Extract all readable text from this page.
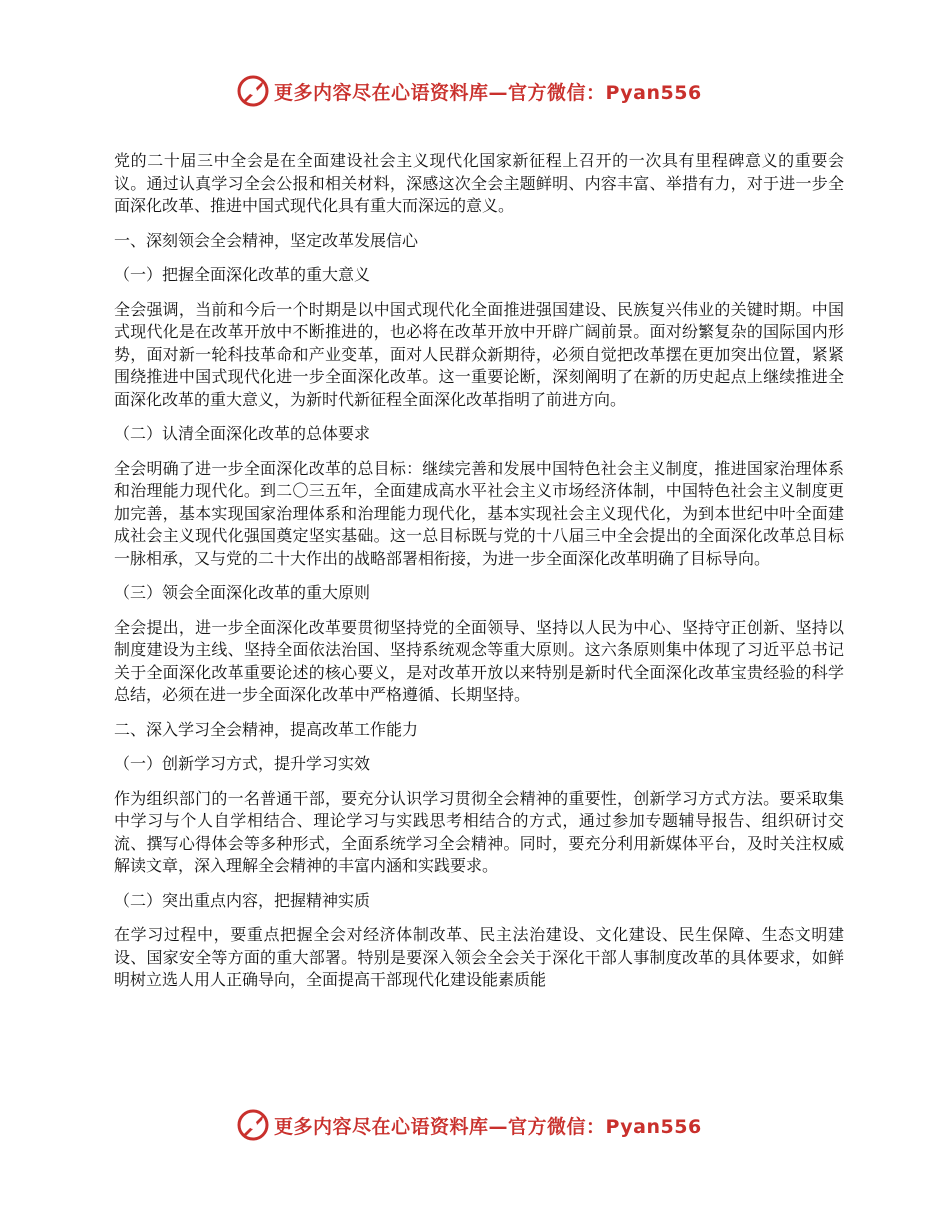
更多内容尽在心语资料库—官方微信：Pyan556

党的二十届三中全会是在全面建设社会主义现代化国家新征程上召开的一次具有里程碑意义的重要会议。通过认真学习全会公报和相关材料，深感这次全会主题鲜明、内容丰富、举措有力，对于进一步全面深化改革、推进中国式现代化具有重大而深远的意义。

一、深刻领会全会精神，坚定改革发展信心

（一）把握全面深化改革的重大意义

全会强调，当前和今后一个时期是以中国式现代化全面推进强国建设、民族复兴伟业的关键时期。中国式现代化是在改革开放中不断推进的，也必将在改革开放中开辟广阔前景。面对纷繁复杂的国际国内形势，面对新一轮科技革命和产业变革，面对人民群众新期待，必须自觉把改革摆在更加突出位置，紧紧围绕推进中国式现代化进一步全面深化改革。这一重要论断，深刻阐明了在新的历史起点上继续推进全面深化改革的重大意义，为新时代新征程全面深化改革指明了前进方向。

（二）认清全面深化改革的总体要求

全会明确了进一步全面深化改革的总目标：继续完善和发展中国特色社会主义制度，推进国家治理体系和治理能力现代化。到二〇三五年，全面建成高水平社会主义市场经济体制，中国特色社会主义制度更加完善，基本实现国家治理体系和治理能力现代化，基本实现社会主义现代化，为到本世纪中叶全面建成社会主义现代化强国奠定坚实基础。这一总目标既与党的十八届三中全会提出的全面深化改革总目标一脉相承，又与党的二十大作出的战略部署相衔接，为进一步全面深化改革明确了目标导向。

（三）领会全面深化改革的重大原则

全会提出，进一步全面深化改革要贯彻坚持党的全面领导、坚持以人民为中心、坚持守正创新、坚持以制度建设为主线、坚持全面依法治国、坚持系统观念等重大原则。这六条原则集中体现了习近平总书记关于全面深化改革重要论述的核心要义，是对改革开放以来特别是新时代全面深化改革宝贵经验的科学总结，必须在进一步全面深化改革中严格遵循、长期坚持。

二、深入学习全会精神，提高改革工作能力

（一）创新学习方式，提升学习实效

作为组织部门的一名普通干部，要充分认识学习贯彻全会精神的重要性，创新学习方式方法。要采取集中学习与个人自学相结合、理论学习与实践思考相结合的方式，通过参加专题辅导报告、组织研讨交流、撰写心得体会等多种形式，全面系统学习全会精神。同时，要充分利用新媒体平台，及时关注权威解读文章，深入理解全会精神的丰富内涵和实践要求。

（二）突出重点内容，把握精神实质

在学习过程中，要重点把握全会对经济体制改革、民主法治建设、文化建设、民生保障、生态文明建设、国家安全等方面的重大部署。特别是要深入领会全会关于深化干部人事制度改革的具体要求，如鲜明树立选人用人正确导向，全面提高干部现代化建设能素质能

更多内容尽在心语资料库—官方微信：Pyan556
